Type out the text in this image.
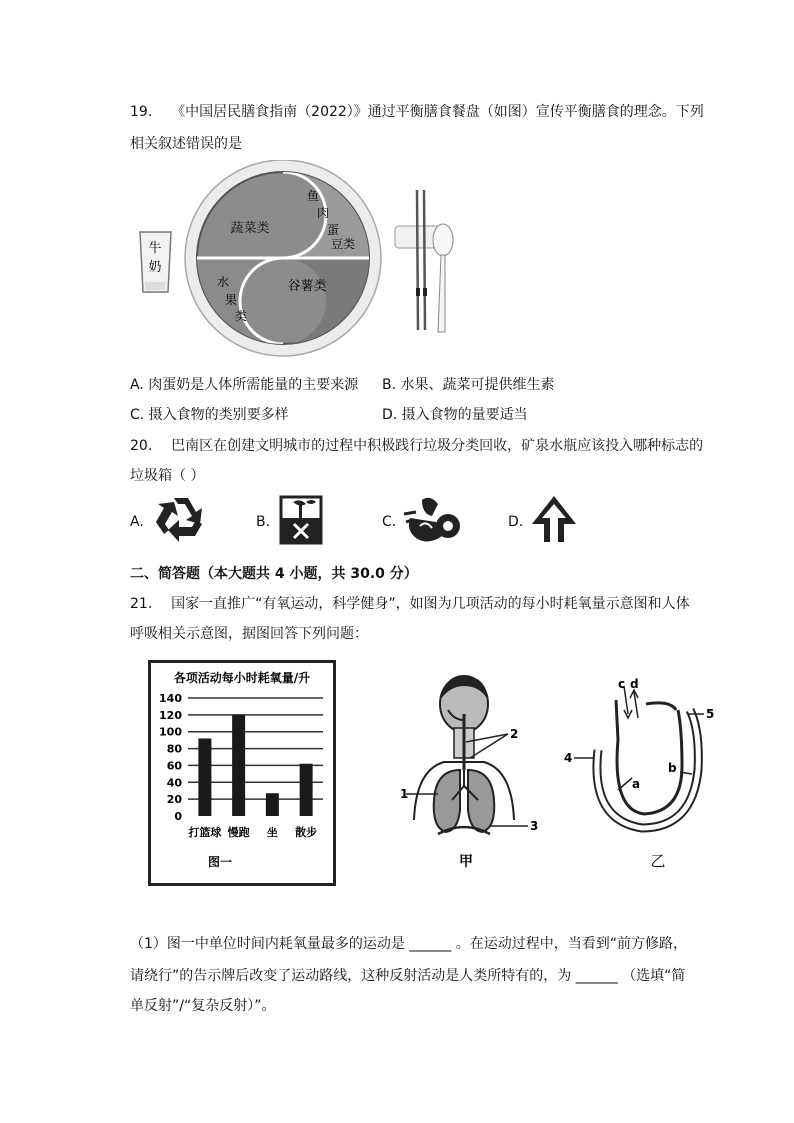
19. 《中国居民膳食指南（2022）》通过平衡膳食餐盘（如图）宣传平衡膳食的理念。下列
相关叙述错误的是
牛
奶
蔬菜类
鱼
肉
蛋
豆类
水
果
类
谷薯类
A. 肉蛋奶是人体所需能量的主要来源 B. 水果、蔬菜可提供维生素
C. 摄入食物的类别要多样	D. 摄入食物的量要适当
20. 巴南区在创建文明城市的过程中积极践行垃圾分类回收，矿泉水瓶应该投入哪种标志的
垃圾箱（ ）
A.	B.	C.	D.
二、简答题（本大题共 4 小题，共 30.0 分）
21. 国家一直推广“有氧运动，科学健身”，如图为几项活动的每小时耗氧量示意图和人体
呼吸相关示意图，据图回答下列问题：
各项活动每小时耗氧量/升
0
20
40
60
80
100
120
140
打篮球 慢跑 坐 散步
图一
1
2
3
甲
c d
5
4
a
b
乙
（1）图一中单位时间内耗氧量最多的运动是 ______ 。在运动过程中，当看到“前方修路，
请绕行”的告示牌后改变了运动路线，这种反射活动是人类所特有的，为 ______ （选填“简
单反射”/“复杂反射）”。
